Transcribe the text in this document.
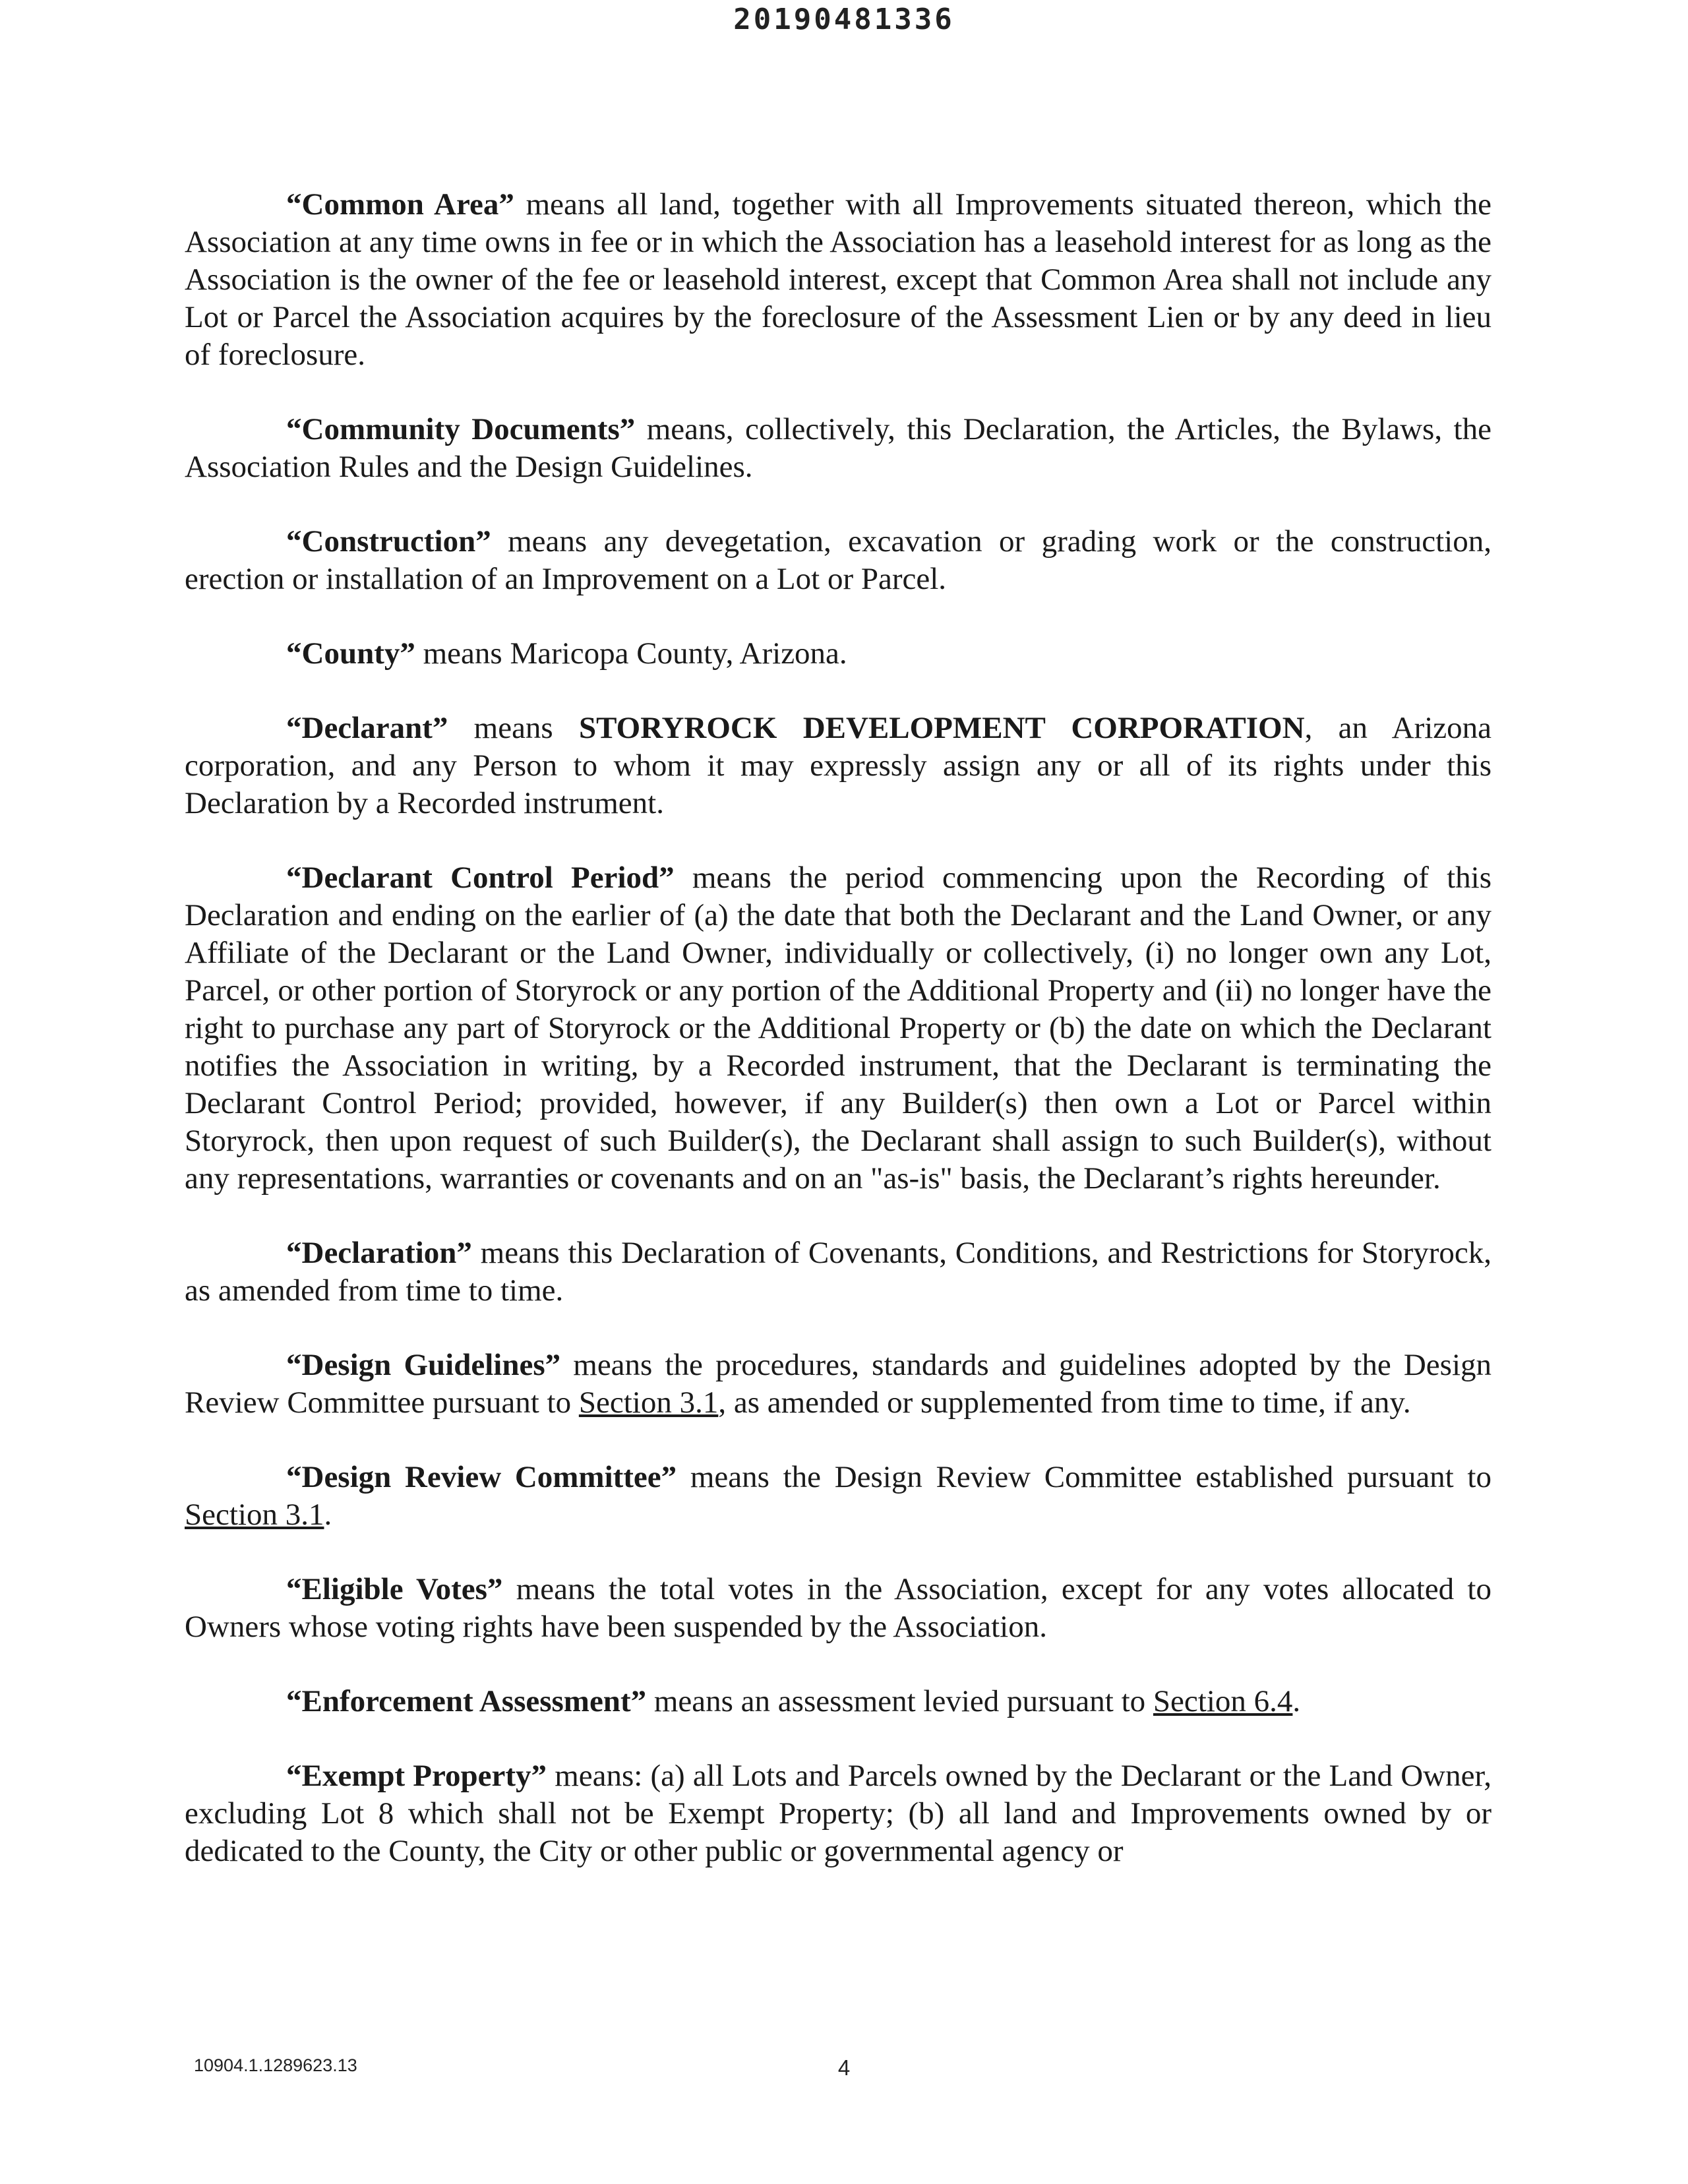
20190481336

“Common Area” means all land, together with all Improvements situated thereon, which the Association at any time owns in fee or in which the Association has a leasehold interest for as long as the Association is the owner of the fee or leasehold interest, except that Common Area shall not include any Lot or Parcel the Association acquires by the foreclosure of the Assessment Lien or by any deed in lieu of foreclosure.

“Community Documents” means, collectively, this Declaration, the Articles, the Bylaws, the Association Rules and the Design Guidelines.

“Construction” means any devegetation, excavation or grading work or the construction, erection or installation of an Improvement on a Lot or Parcel.

“County” means Maricopa County, Arizona.

“Declarant” means STORYROCK DEVELOPMENT CORPORATION, an Arizona corporation, and any Person to whom it may expressly assign any or all of its rights under this Declaration by a Recorded instrument.

“Declarant Control Period” means the period commencing upon the Recording of this Declaration and ending on the earlier of (a) the date that both the Declarant and the Land Owner, or any Affiliate of the Declarant or the Land Owner, individually or collectively, (i) no longer own any Lot, Parcel, or other portion of Storyrock or any portion of the Additional Property and (ii) no longer have the right to purchase any part of Storyrock or the Additional Property or (b) the date on which the Declarant notifies the Association in writing, by a Recorded instrument, that the Declarant is terminating the Declarant Control Period; provided, however, if any Builder(s) then own a Lot or Parcel within Storyrock, then upon request of such Builder(s), the Declarant shall assign to such Builder(s), without any representations, warranties or covenants and on an "as-is" basis, the Declarant’s rights hereunder.

“Declaration” means this Declaration of Covenants, Conditions, and Restrictions for Storyrock, as amended from time to time.

“Design Guidelines” means the procedures, standards and guidelines adopted by the Design Review Committee pursuant to Section 3.1, as amended or supplemented from time to time, if any.

“Design Review Committee” means the Design Review Committee established pursuant to Section 3.1.

“Eligible Votes” means the total votes in the Association, except for any votes allocated to Owners whose voting rights have been suspended by the Association.

“Enforcement Assessment” means an assessment levied pursuant to Section 6.4.

“Exempt Property” means: (a) all Lots and Parcels owned by the Declarant or the Land Owner, excluding Lot 8 which shall not be Exempt Property; (b) all land and Improvements owned by or dedicated to the County, the City or other public or governmental agency or

10904.1.1289623.13	4
